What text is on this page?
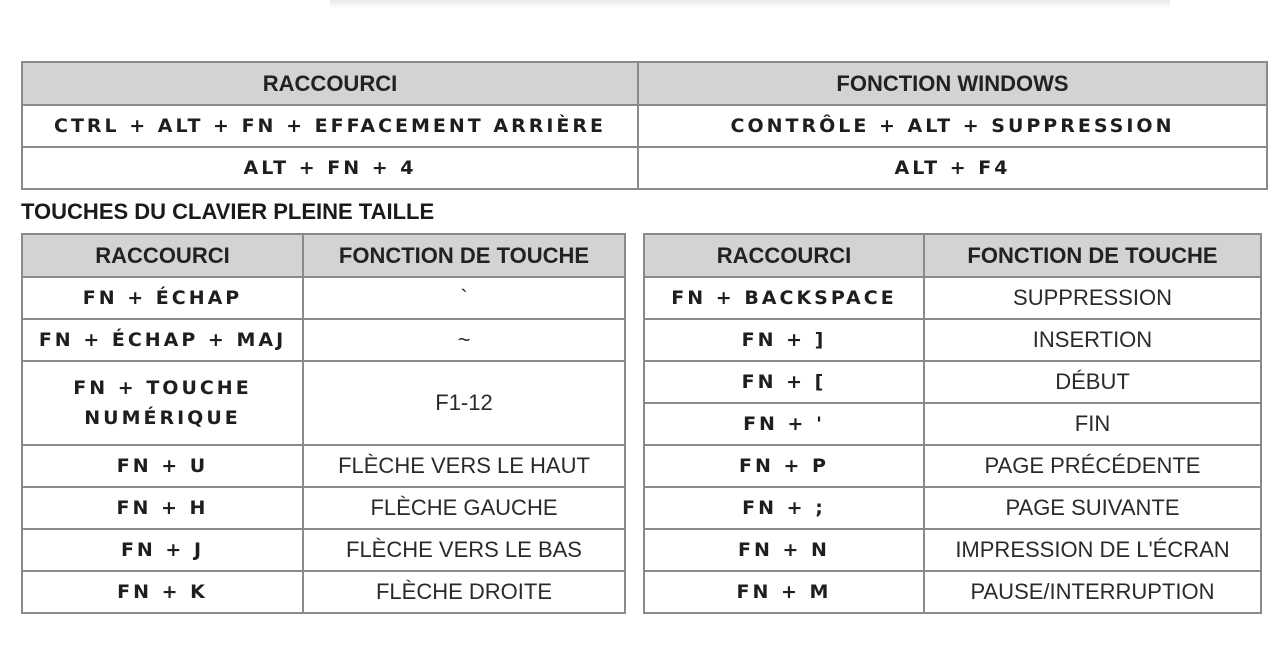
RACCOURCI	FONCTION WINDOWS
CTRL + ALT + FN + EFFACEMENT ARRIÈRE	CONTRÔLE + ALT + SUPPRESSION
ALT + FN + 4	ALT + F4
TOUCHES DU CLAVIER PLEINE TAILLE
RACCOURCI	FONCTION DE TOUCHE
FN + ÉCHAP	`
FN + ÉCHAP + MAJ	~
FN + TOUCHE NUMÉRIQUE	F1-12
FN + U	FLÈCHE VERS LE HAUT
FN + H	FLÈCHE GAUCHE
FN + J	FLÈCHE VERS LE BAS
FN + K	FLÈCHE DROITE
RACCOURCI	FONCTION DE TOUCHE
FN + BACKSPACE	SUPPRESSION
FN + ]	INSERTION
FN + [	DÉBUT
FN + '	FIN
FN + P	PAGE PRÉCÉDENTE
FN + ;	PAGE SUIVANTE
FN + N	IMPRESSION DE L'ÉCRAN
FN + M	PAUSE/INTERRUPTION
